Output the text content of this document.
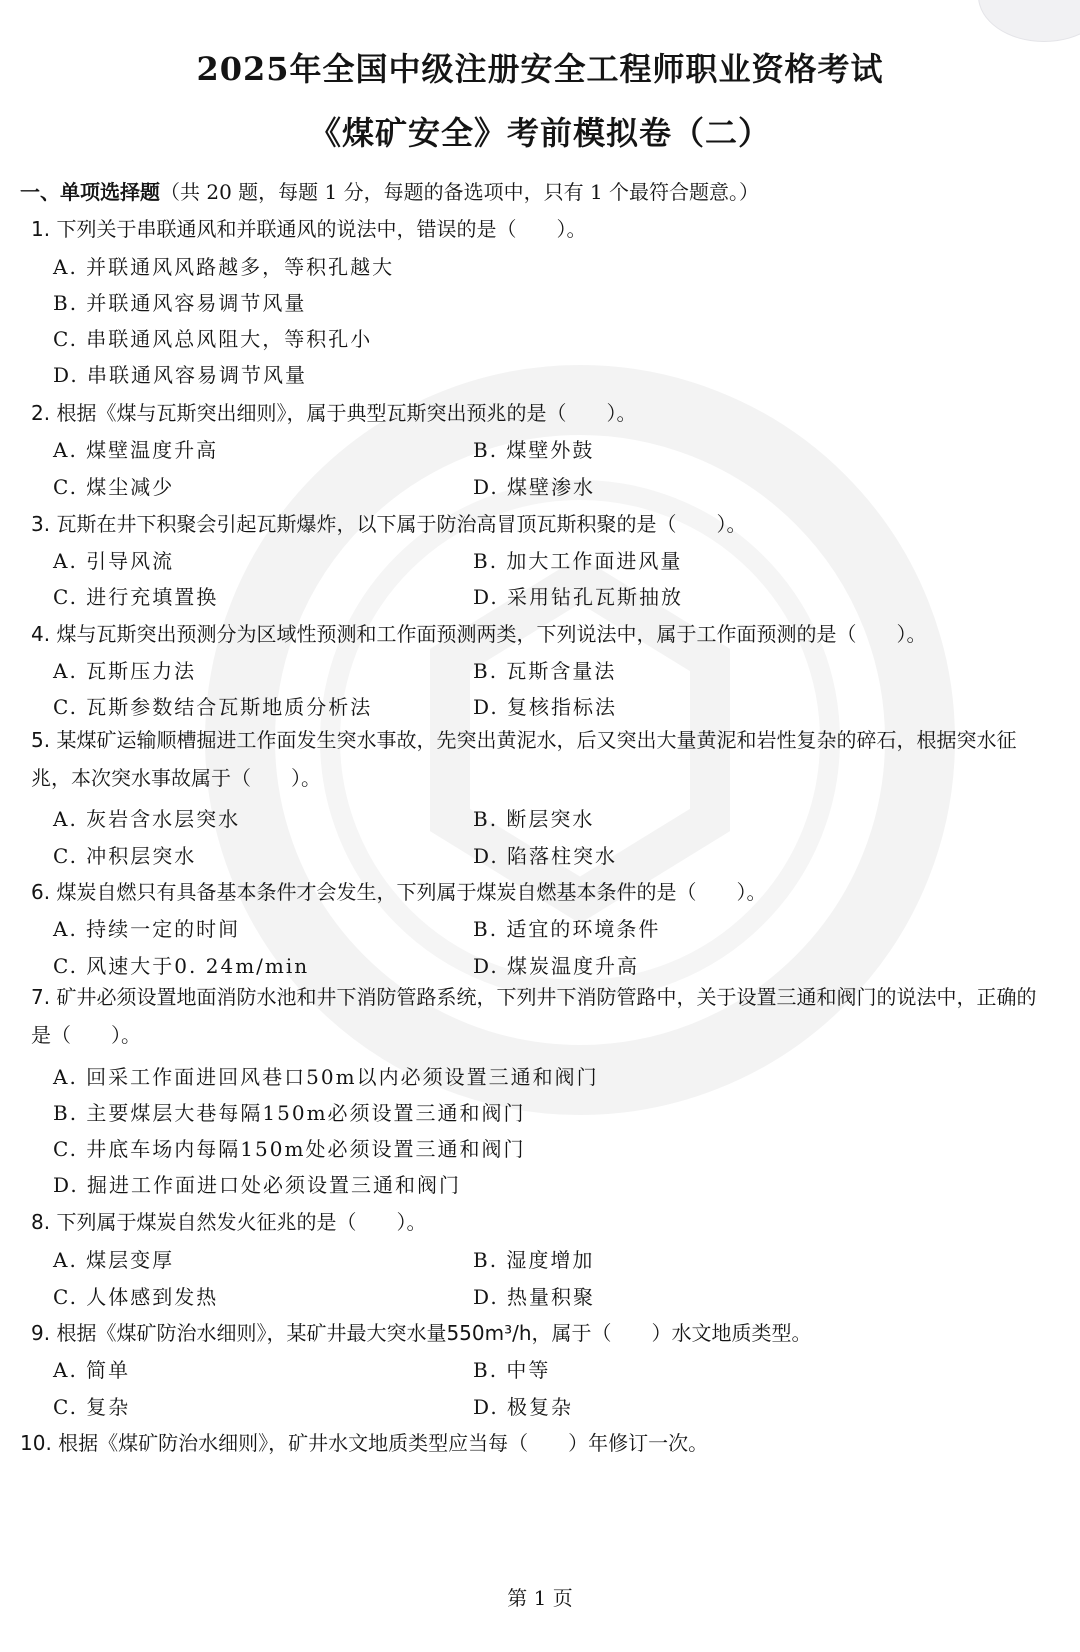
2025年全国中级注册安全工程师职业资格考试
《煤矿安全》考前模拟卷（二）
一、单项选择题（共 20 题，每题 1 分，每题的备选项中，只有 1 个最符合题意。）
1. 下列关于串联通风和并联通风的说法中，错误的是（　　）。
A. 并联通风风路越多，等积孔越大
B. 并联通风容易调节风量
C. 串联通风总风阻大，等积孔小
D. 串联通风容易调节风量
2. 根据《煤与瓦斯突出细则》，属于典型瓦斯突出预兆的是（　　）。
A. 煤壁温度升高	B. 煤壁外鼓
C. 煤尘减少	D. 煤壁渗水
3. 瓦斯在井下积聚会引起瓦斯爆炸，以下属于防治高冒顶瓦斯积聚的是（　　）。
A. 引导风流	B. 加大工作面进风量
C. 进行充填置换	D. 采用钻孔瓦斯抽放
4. 煤与瓦斯突出预测分为区域性预测和工作面预测两类，下列说法中，属于工作面预测的是（　　）。
A. 瓦斯压力法	B. 瓦斯含量法
C. 瓦斯参数结合瓦斯地质分析法	D. 复核指标法
5. 某煤矿运输顺槽掘进工作面发生突水事故，先突出黄泥水，后又突出大量黄泥和岩性复杂的碎石，根据突水征兆，本次突水事故属于（　　）。
A. 灰岩含水层突水	B. 断层突水
C. 冲积层突水	D. 陷落柱突水
6. 煤炭自燃只有具备基本条件才会发生，下列属于煤炭自燃基本条件的是（　　）。
A. 持续一定的时间	B. 适宜的环境条件
C. 风速大于0. 24m/min	D. 煤炭温度升高
7. 矿井必须设置地面消防水池和井下消防管路系统，下列井下消防管路中，关于设置三通和阀门的说法中，正确的是（　　）。
A. 回采工作面进回风巷口50m以内必须设置三通和阀门
B. 主要煤层大巷每隔150m必须设置三通和阀门
C. 井底车场内每隔150m处必须设置三通和阀门
D. 掘进工作面进口处必须设置三通和阀门
8. 下列属于煤炭自然发火征兆的是（　　）。
A. 煤层变厚	B. 湿度增加
C. 人体感到发热	D. 热量积聚
9. 根据《煤矿防治水细则》，某矿井最大突水量550m³/h，属于（　　）水文地质类型。
A. 简单	B. 中等
C. 复杂	D. 极复杂
10. 根据《煤矿防治水细则》，矿井水文地质类型应当每（　　）年修订一次。
第 1 页
